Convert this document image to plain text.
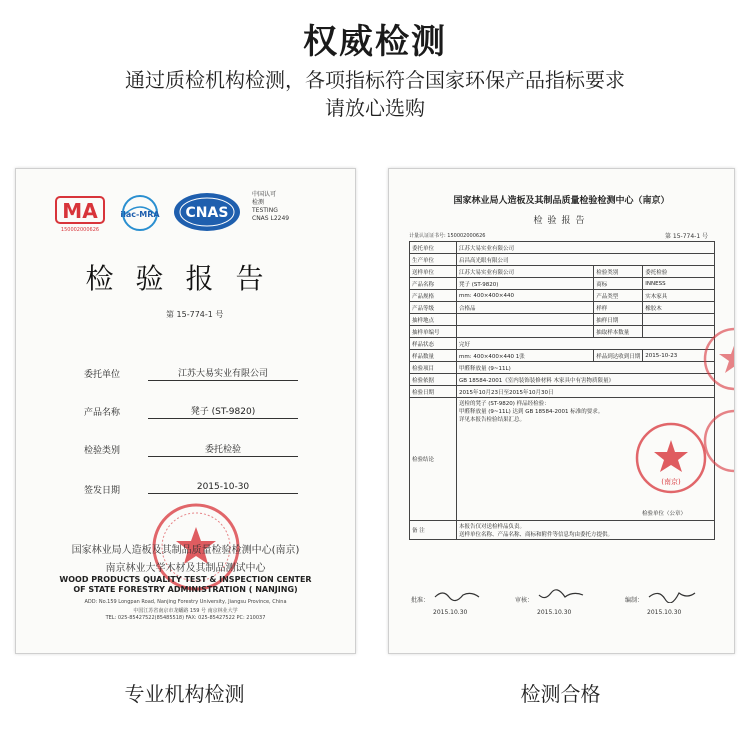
权威检测
通过质检机构检测，各项指标符合国家环保产品指标要求
请放心选购
MA
150002000626
ilac-MRA CNAS
中国认可
检测
TESTING
CNAS L2249
检验报告
第 15-774-1 号
委托单位	江苏大易实业有限公司
产品名称	凳子 (ST-9820)
检验类别	委托检验
签发日期	2015-10-30
国家林业局人造板及其制品质量检验检测中心(南京)
南京林业大学木材及其制品测试中心
WOOD PRODUCTS QUALITY TEST & INSPECTION CENTER
OF STATE FORESTRY ADMINISTRATION ( NANJING)
ADD: No.159 Longpan Road, Nanjing Forestry University, Jiangsu Province, China
中国江苏省南京市龙蟠路 159 号 南京林业大学
TEL: 025-85427522(85485518) FAX: 025-85427522 PC: 210037
国家林业局人造板及其制品质量检验检测中心（南京）
检验报告
计量认证证书号: 150002000626	第 15-774-1 号
委托单位	江苏大易实业有限公司		
生产单位	启昌高光眼有限公司		
送样单位	江苏大易实业有限公司	检验类别	委托检验
产品名称	凳子 (ST-9820)	商标	INNESS
产品规格	mm: 400×400×440	产品类型	实木家具
产品等级	合格品	样样	橡胶木
抽样地点		抽样日期	
抽样单编号		抽取样本数量	
样品状态	完好		
样品数量	mm: 400×400×440 1张	样品到达收到日期	2015-10-23
检验项目	甲醛释放量 (9~11L)		
检验依据	GB 18584-2001《室内装饰装修材料 木家具中有害物质限量》		
检验日期	2015年10月23日至2015年10月30日		
检验结论	送检的凳子 (ST-9820) 样品经检验：
甲醛释放量 (9~11L) 达到 GB 18584-2001 标准的要求。
详见本报告检验结果汇总。
(南京)
检验单位（公章）		

备 注	本报告仅对送检样品负责。
送样单位名称、产品名称、商标和附件等信息均由委托方提供。		
批准：
2015.10.30
审核：
2015.10.30
编制：
2015.10.30
专业机构检测	检测合格
